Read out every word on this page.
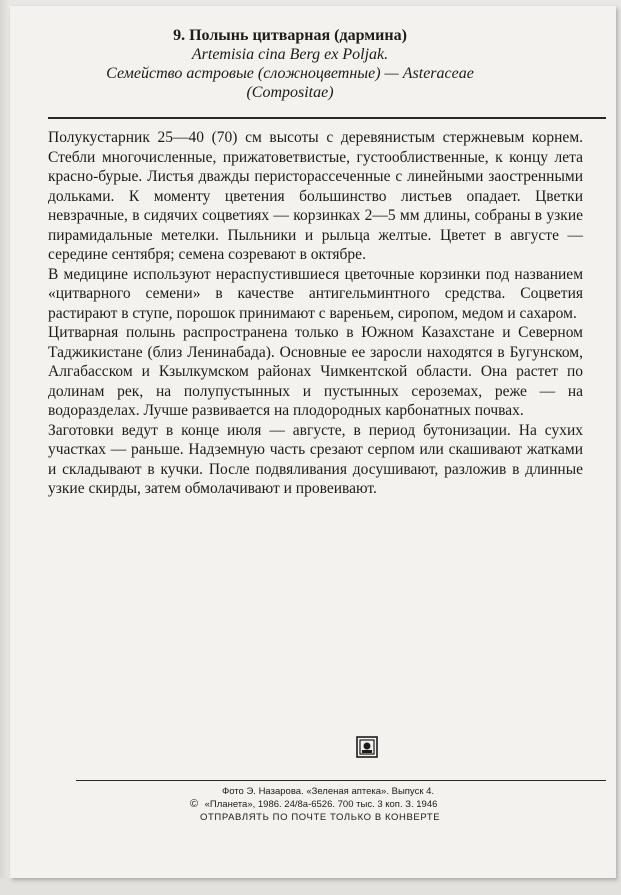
9. Полынь цитварная (дармина)
Artemisia cina Berg ex Poljak.
Семейство астровые (сложноцветные) — Asteraceae
(Compositae)

Полукустарник 25—40 (70) см высоты с деревянистым стержневым корнем. Стебли многочисленные, прижатоветвистые, густооблиственные, к концу лета красно-бурые. Листья дважды перисторассеченные с линейными заостренными дольками. К моменту цветения большинство листьев опадает. Цветки невзрачные, в сидячих соцветиях — корзинках 2—5 мм длины, собраны в узкие пирамидальные метелки. Пыльники и рыльца желтые. Цветет в августе — середине сентября; семена созревают в октябре.

В медицине используют нераспустившиеся цветочные корзинки под названием «цитварного семени» в качестве антигельминтного средства. Соцветия растирают в ступе, порошок принимают с вареньем, сиропом, медом и сахаром.

Цитварная полынь распространена только в Южном Казахстане и Северном Таджикистане (близ Ленинабада). Основные ее заросли находятся в Бугунском, Алгабасском и Кзылкумском районах Чимкентской области. Она растет по долинам рек, на полупустынных и пустынных сероземах, реже — на водоразделах. Лучше развивается на плодородных карбонатных почвах.

Заготовки ведут в конце июля — августе, в период бутонизации. На сухих участках — раньше. Надземную часть срезают серпом или скашивают жатками и складывают в кучки. После подвяливания досушивают, разложив в длинные узкие скирды, затем обмолачивают и провеивают.

Фото Э. Назарова. «Зеленая аптека». Выпуск 4.
© «Планета», 1986. 24/8а-6526. 700 тыс. 3 коп. З. 1946
ОТПРАВЛЯТЬ ПО ПОЧТЕ ТОЛЬКО В КОНВЕРТЕ
